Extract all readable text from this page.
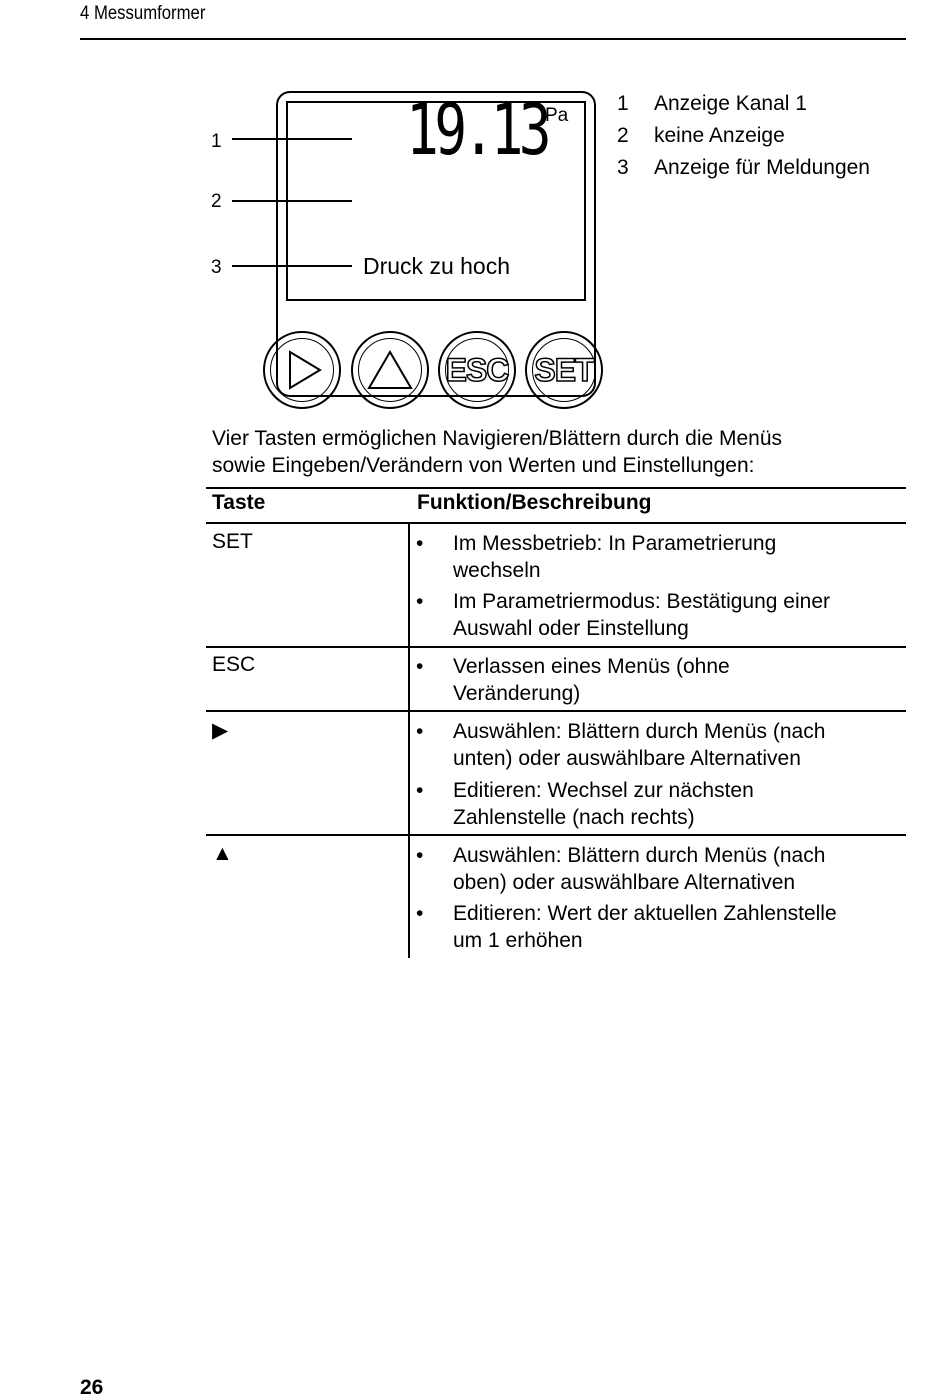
4 Messumformer
19.13
Pa
Druck zu hoch
1
2
3
ESC SET
1	Anzeige Kanal 1
2	keine Anzeige
3	Anzeige für Meldungen
Vier Tasten ermöglichen Navigieren/Blättern durch die Menüs
sowie Eingeben/Verändern von Werten und Einstellungen:
Taste	Funktion/Beschreibung
SET	•	Im Messbetrieb: In Parametrierung
wechseln
•	Im Parametriermodus: Bestätigung einer
Auswahl oder Einstellung
ESC	•	Verlassen eines Menüs (ohne
Veränderung)
▶	•	Auswählen: Blättern durch Menüs (nach
unten) oder auswählbare Alternativen
•	Editieren: Wechsel zur nächsten
Zahlenstelle (nach rechts)
▲	•	Auswählen: Blättern durch Menüs (nach
oben) oder auswählbare Alternativen
•	Editieren: Wert der aktuellen Zahlenstelle
um 1 erhöhen
26
